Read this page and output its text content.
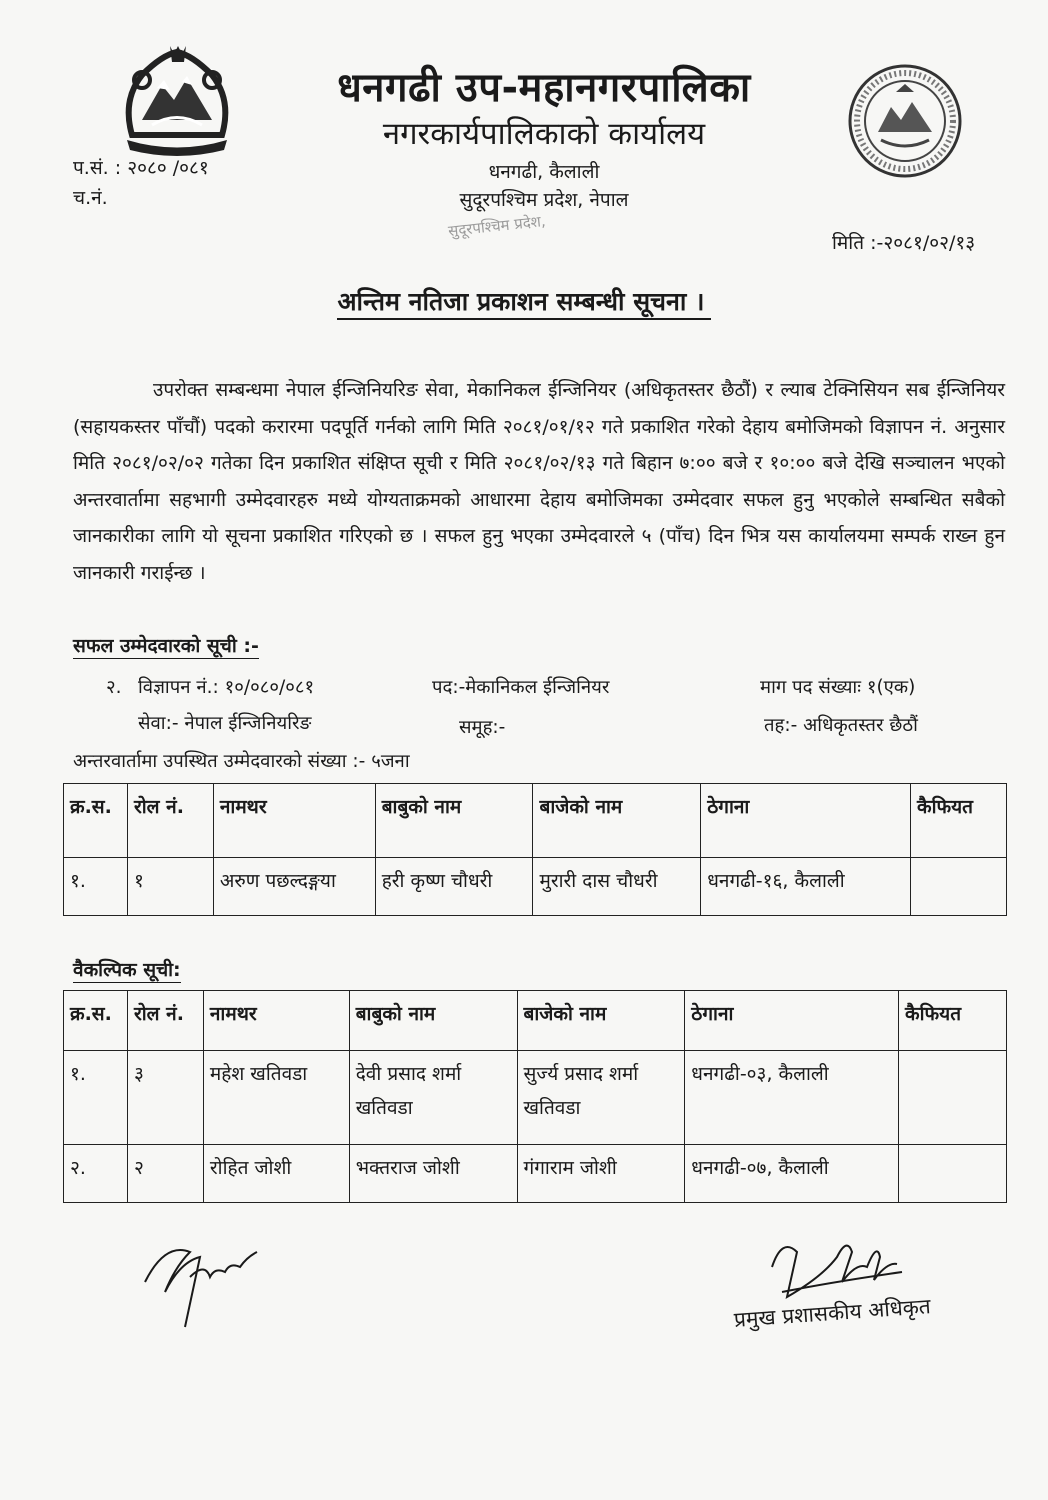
धनगढी उप-महानगरपालिका
नगरकार्यपालिकाको कार्यालय
धनगढी, कैलाली
सुदूरपश्चिम प्रदेश, नेपाल
सुदूरपश्चिम प्रदेश,
प.सं. : २०८० /०८१
च.नं.
मिति :-२०८१/०२/१३
अन्तिम नतिजा प्रकाशन सम्बन्धी सूचना ।
उपरोक्त सम्बन्धमा नेपाल ईन्जिनियरिङ सेवा, मेकानिकल ईन्जिनियर (अधिकृतस्तर छैठौं) र ल्याब टेक्निसियन सब ईन्जिनियर (सहायकस्तर पाँचौं) पदको करारमा पदपूर्ति गर्नको लागि मिति २०८१/०१/१२ गते प्रकाशित गरेको देहाय बमोजिमको विज्ञापन नं. अनुसार मिति २०८१/०२/०२ गतेका दिन प्रकाशित संक्षिप्त सूची र मिति २०८१/०२/१३ गते बिहान ७:०० बजे र १०:०० बजे देखि सञ्चालन भएको अन्तरवार्तामा सहभागी उम्मेदवारहरु मध्ये योग्यताक्रमको आधारमा देहाय बमोजिमका उम्मेदवार सफल हुनु भएकोले सम्बन्धित सबैको जानकारीका लागि यो सूचना प्रकाशित गरिएको छ । सफल हुनु भएका उम्मेदवारले ५ (पाँच) दिन भित्र यस कार्यालयमा सम्पर्क राख्न हुन जानकारी गराईन्छ ।
सफल उम्मेदवारको सूची :-
२. विज्ञापन नं.: १०/०८०/०८१	पद:-मेकानिकल ईन्जिनियर	माग पद संख्याः १(एक)
सेवा:- नेपाल ईन्जिनियरिङ	समूह:-	तह:- अधिकृतस्तर छैठौं
अन्तरवार्तामा उपस्थित उम्मेदवारको संख्या :- ५जना
क्र.स.	रोल नं.	नामथर	बाबुको नाम	बाजेको नाम	ठेगाना	कैफियत
१.	१	अरुण पछल्दङ्गया	हरी कृष्ण चौधरी	मुरारी दास चौधरी	धनगढी-१६, कैलाली	
वैकल्पिक सूची:
क्र.स.	रोल नं.	नामथर	बाबुको नाम	बाजेको नाम	ठेगाना	कैफियत
१.	३	महेश खतिवडा	देवी प्रसाद शर्मा खतिवडा	सुर्ज्य प्रसाद शर्मा खतिवडा	धनगढी-०३, कैलाली	
२.	२	रोहित जोशी	भक्तराज जोशी	गंगाराम जोशी	धनगढी-०७, कैलाली	
प्रमुख प्रशासकीय अधिकृत
